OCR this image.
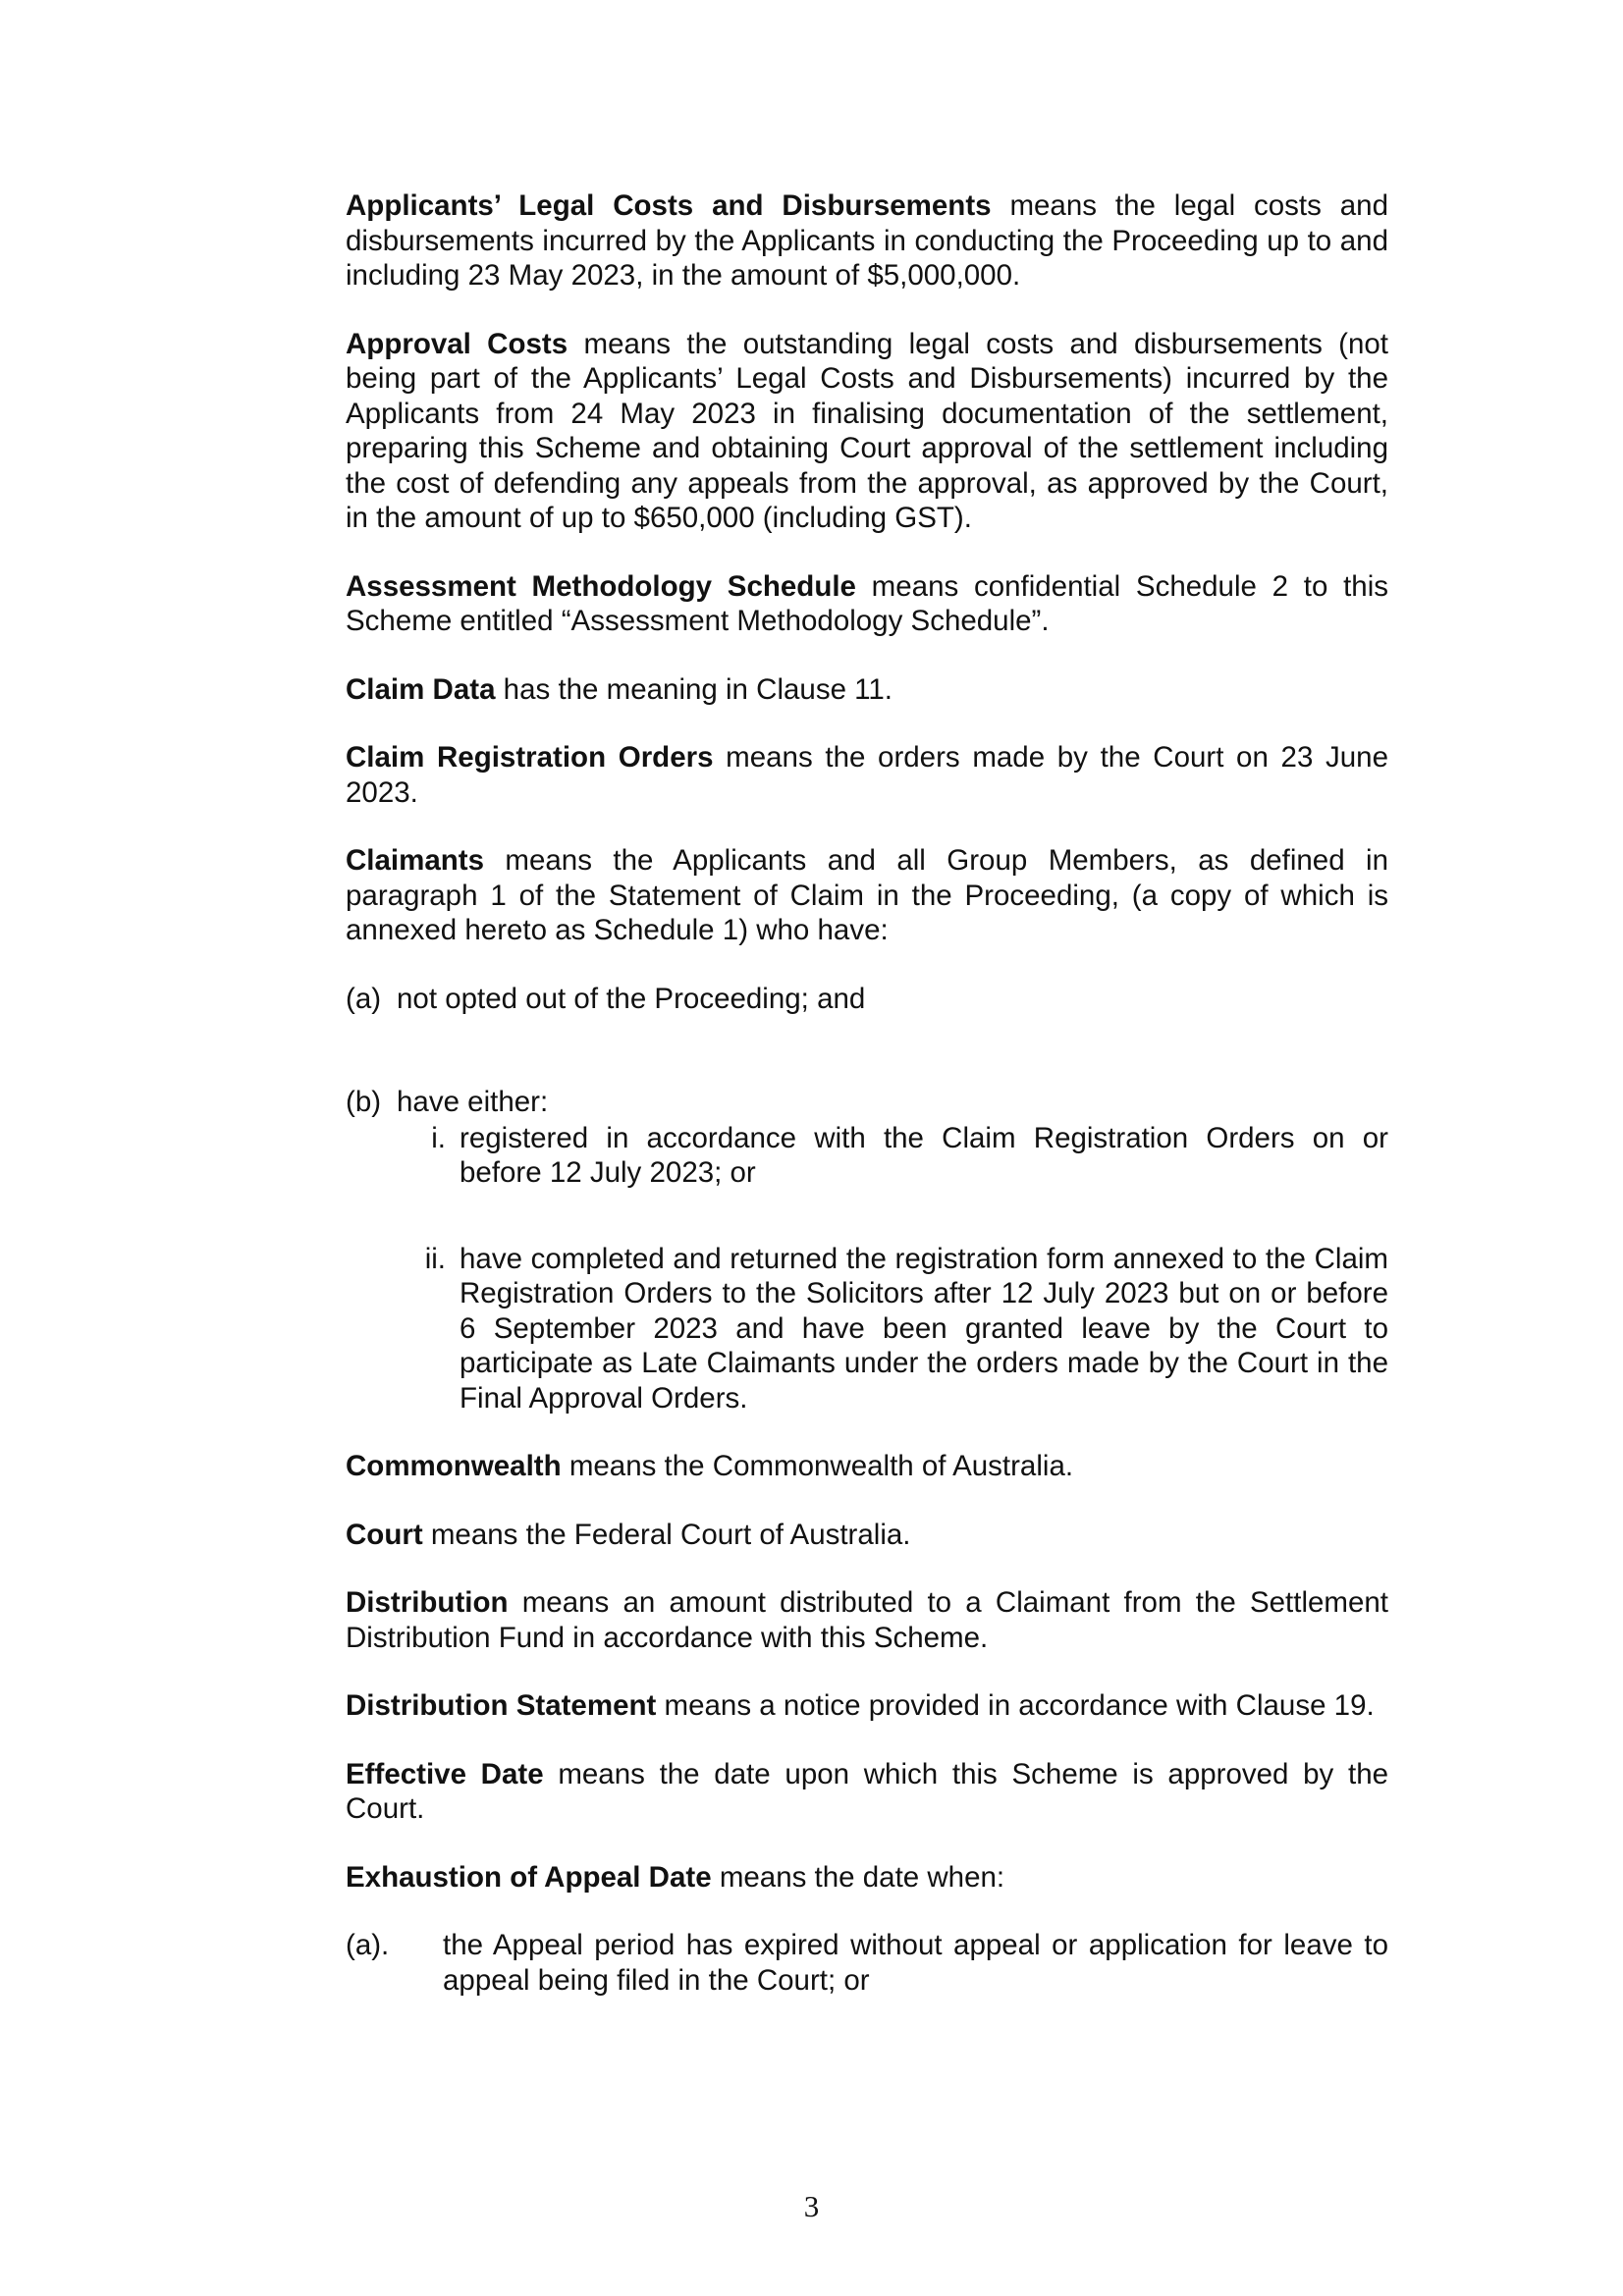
Applicants’ Legal Costs and Disbursements means the legal costs and disbursements incurred by the Applicants in conducting the Proceeding up to and including 23 May 2023, in the amount of $5,000,000.

Approval Costs means the outstanding legal costs and disbursements (not being part of the Applicants’ Legal Costs and Disbursements) incurred by the Applicants from 24 May 2023 in finalising documentation of the settlement, preparing this Scheme and obtaining Court approval of the settlement including the cost of defending any appeals from the approval, as approved by the Court, in the amount of up to $650,000 (including GST).

Assessment Methodology Schedule means confidential Schedule 2 to this Scheme entitled “Assessment Methodology Schedule”.

Claim Data has the meaning in Clause 11.

Claim Registration Orders means the orders made by the Court on 23 June 2023.

Claimants means the Applicants and all Group Members, as defined in paragraph 1 of the Statement of Claim in the Proceeding, (a copy of which is annexed hereto as Schedule 1) who have:

(a) not opted out of the Proceeding; and
(b) have either:
i. registered in accordance with the Claim Registration Orders on or before 12 July 2023; or
ii. have completed and returned the registration form annexed to the Claim Registration Orders to the Solicitors after 12 July 2023 but on or before 6 September 2023 and have been granted leave by the Court to participate as Late Claimants under the orders made by the Court in the Final Approval Orders.

Commonwealth means the Commonwealth of Australia.

Court means the Federal Court of Australia.

Distribution means an amount distributed to a Claimant from the Settlement Distribution Fund in accordance with this Scheme.

Distribution Statement means a notice provided in accordance with Clause 19.

Effective Date means the date upon which this Scheme is approved by the Court.

Exhaustion of Appeal Date means the date when:

(a).	the Appeal period has expired without appeal or application for leave to appeal being filed in the Court; or
3
